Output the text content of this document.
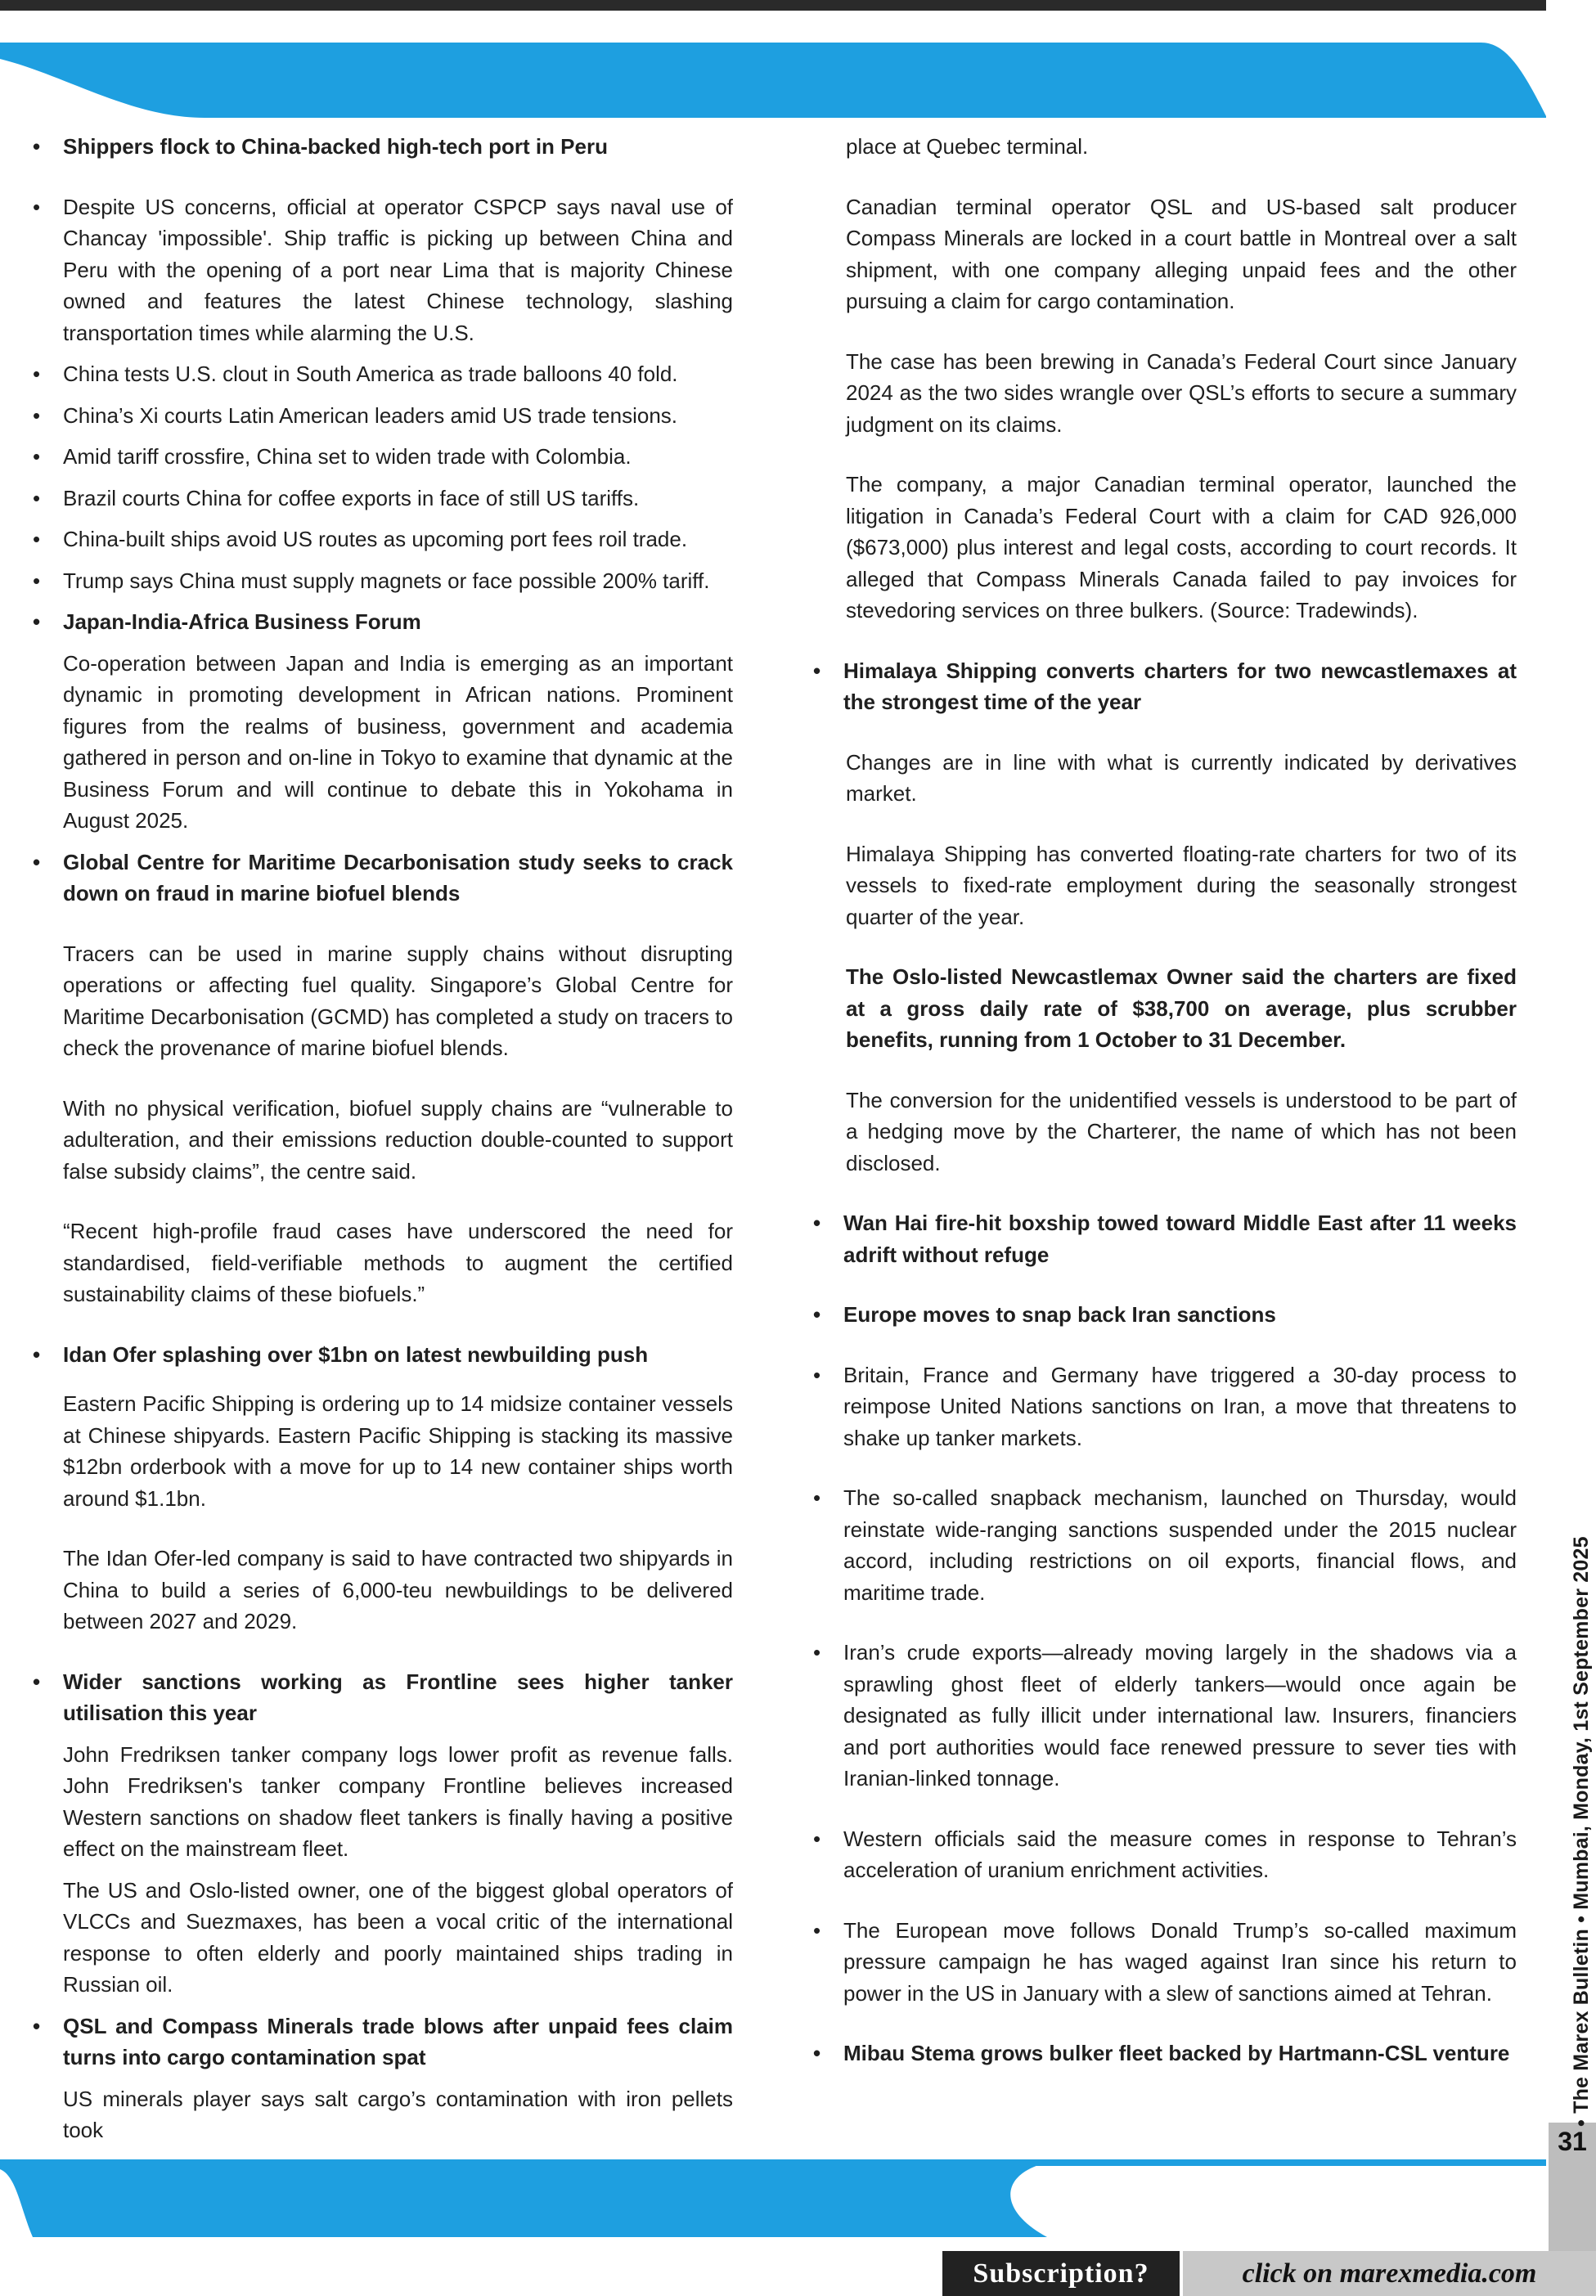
• Shippers flock to China-backed high-tech port in Peru
• Despite US concerns, official at operator CSPCP says naval use of Chancay 'impossible'. Ship traffic is picking up between China and Peru with the opening of a port near Lima that is majority Chinese owned and features the latest Chinese technology, slashing transportation times while alarming the U.S.
• China tests U.S. clout in South America as trade balloons 40 fold.
• China’s Xi courts Latin American leaders amid US trade tensions.
• Amid tariff crossfire, China set to widen trade with Colombia.
• Brazil courts China for coffee exports in face of still US tariffs.
• China-built ships avoid US routes as upcoming port fees roil trade.
• Trump says China must supply magnets or face possible 200% tariff.
• Japan-India-Africa Business Forum
Co-operation between Japan and India is emerging as an important dynamic in promoting development in African nations. Prominent figures from the realms of business, government and academia gathered in person and on-line in Tokyo to examine that dynamic at the Business Forum and will continue to debate this in Yokohama in August 2025.
• Global Centre for Maritime Decarbonisation study seeks to crack down on fraud in marine biofuel blends
Tracers can be used in marine supply chains without disrupting operations or affecting fuel quality. Singapore’s Global Centre for Maritime Decarbonisation (GCMD) has completed a study on tracers to check the provenance of marine biofuel blends.
With no physical verification, biofuel supply chains are “vulnerable to adulteration, and their emissions reduction double-counted to support false subsidy claims”, the centre said.
“Recent high-profile fraud cases have underscored the need for standardised, field-verifiable methods to augment the certified sustainability claims of these biofuels.”
• Idan Ofer splashing over $1bn on latest newbuilding push
Eastern Pacific Shipping is ordering up to 14 midsize container vessels at Chinese shipyards. Eastern Pacific Shipping is stacking its massive $12bn orderbook with a move for up to 14 new container ships worth around $1.1bn.
The Idan Ofer-led company is said to have contracted two shipyards in China to build a series of 6,000-teu newbuildings to be delivered between 2027 and 2029.
• Wider sanctions working as Frontline sees higher tanker utilisation this year
John Fredriksen tanker company logs lower profit as revenue falls. John Fredriksen's tanker company Frontline believes increased Western sanctions on shadow fleet tankers is finally having a positive effect on the mainstream fleet.
The US and Oslo-listed owner, one of the biggest global operators of VLCCs and Suezmaxes, has been a vocal critic of the international response to often elderly and poorly maintained ships trading in Russian oil.
• QSL and Compass Minerals trade blows after unpaid fees claim turns into cargo contamination spat
US minerals player says salt cargo’s contamination with iron pellets took
place at Quebec terminal.
Canadian terminal operator QSL and US-based salt producer Compass Minerals are locked in a court battle in Montreal over a salt shipment, with one company alleging unpaid fees and the other pursuing a claim for cargo contamination.
The case has been brewing in Canada’s Federal Court since January 2024 as the two sides wrangle over QSL’s efforts to secure a summary judgment on its claims.
The company, a major Canadian terminal operator, launched the litigation in Canada’s Federal Court with a claim for CAD 926,000 ($673,000) plus interest and legal costs, according to court records. It alleged that Compass Minerals Canada failed to pay invoices for stevedoring services on three bulkers. (Source: Tradewinds).
• Himalaya Shipping converts charters for two newcastlemaxes at the strongest time of the year
Changes are in line with what is currently indicated by derivatives market.
Himalaya Shipping has converted floating-rate charters for two of its vessels to fixed-rate employment during the seasonally strongest quarter of the year.
The Oslo-listed Newcastlemax Owner said the charters are fixed at a gross daily rate of $38,700 on average, plus scrubber benefits, running from 1 October to 31 December.
The conversion for the unidentified vessels is understood to be part of a hedging move by the Charterer, the name of which has not been disclosed.
• Wan Hai fire-hit boxship towed toward Middle East after 11 weeks adrift without refuge
• Europe moves to snap back Iran sanctions
• Britain, France and Germany have triggered a 30-day process to reimpose United Nations sanctions on Iran, a move that threatens to shake up tanker markets.
• The so-called snapback mechanism, launched on Thursday, would reinstate wide-ranging sanctions suspended under the 2015 nuclear accord, including restrictions on oil exports, financial flows, and maritime trade.
• Iran’s crude exports—already moving largely in the shadows via a sprawling ghost fleet of elderly tankers—would once again be designated as fully illicit under international law. Insurers, financiers and port authorities would face renewed pressure to sever ties with Iranian-linked tonnage.
• Western officials said the measure comes in response to Tehran’s acceleration of uranium enrichment activities.
• The European move follows Donald Trump’s so-called maximum pressure campaign he has waged against Iran since his return to power in the US in January with a slew of sanctions aimed at Tehran.
• Mibau Stema grows bulker fleet backed by Hartmann-CSL venture
31
• The Marex Bulletin • Mumbai, Monday, 1st September 2025
Subscription?	click on marexmedia.com
